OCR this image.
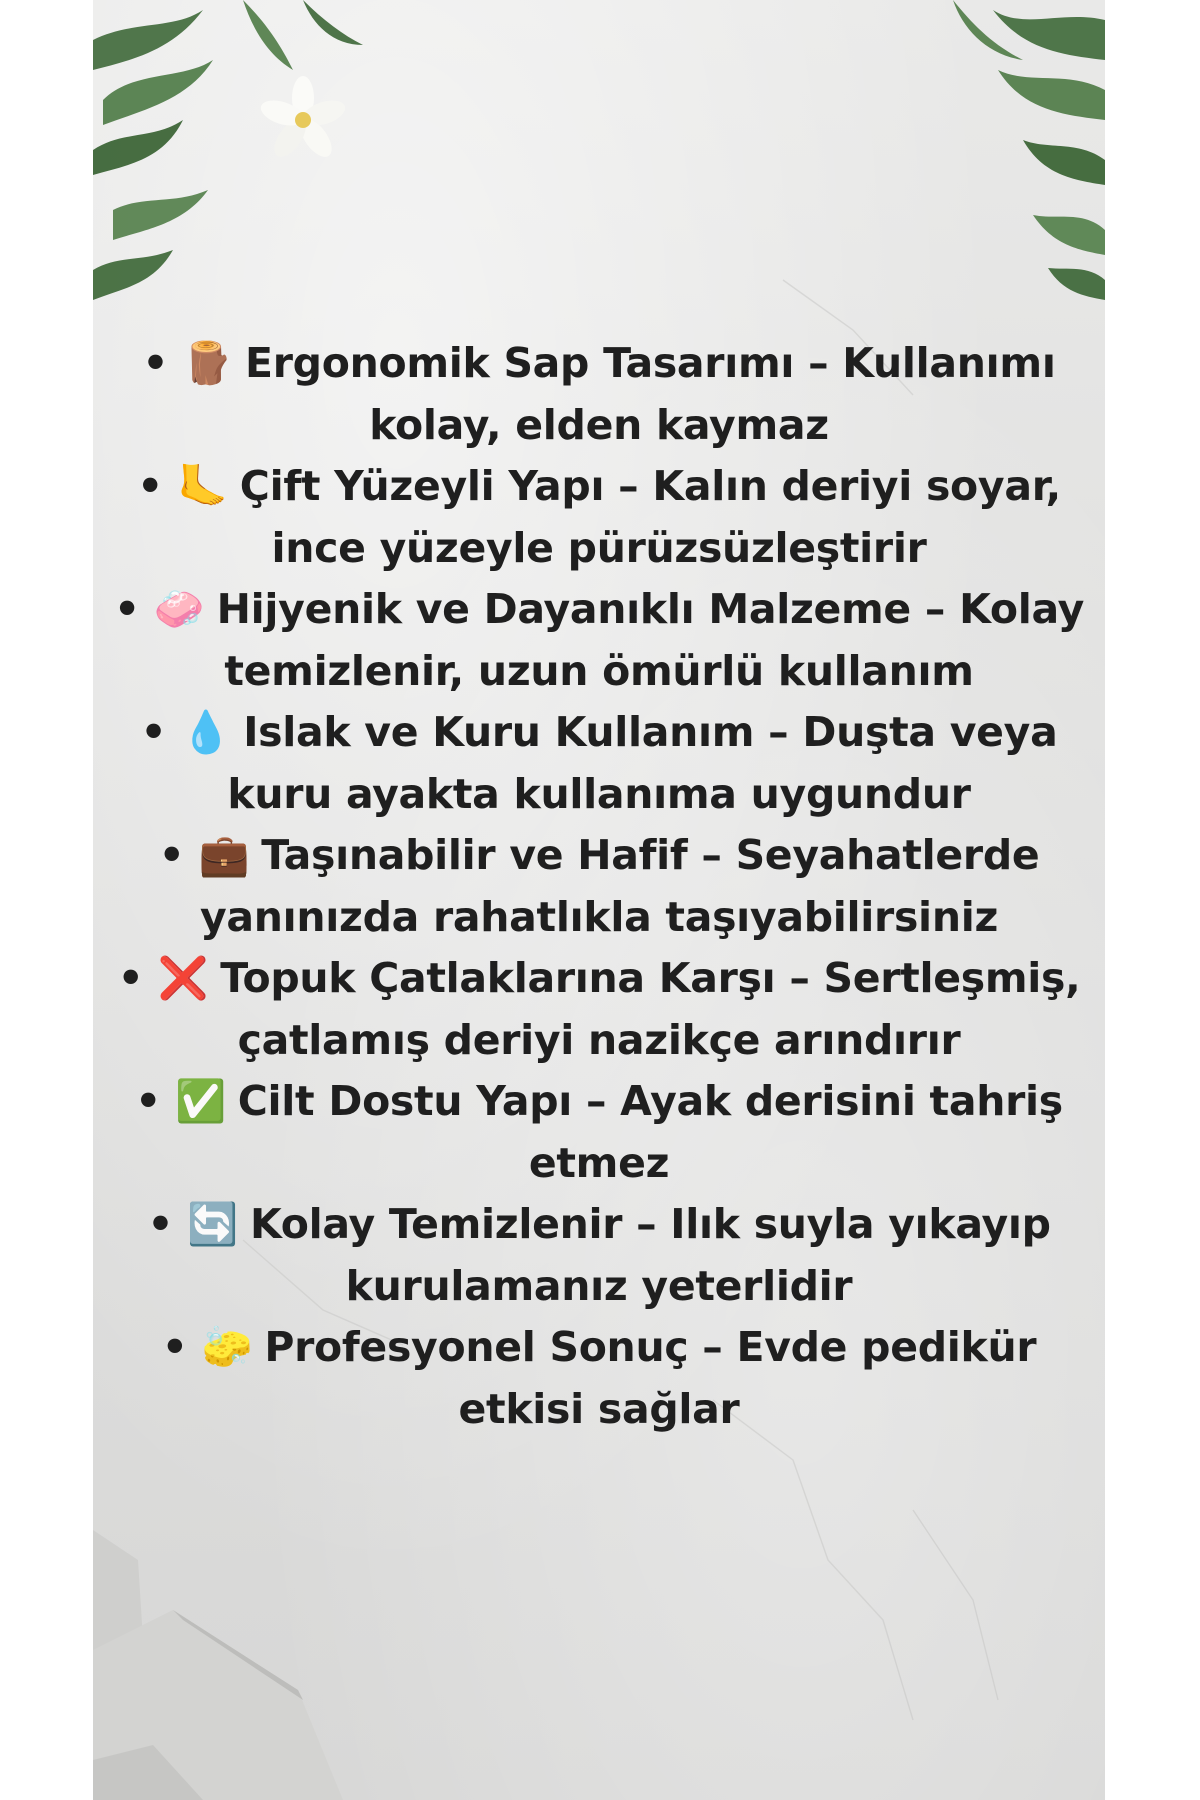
• 🪵 Ergonomik Sap Tasarımı – Kullanımı kolay, elden kaymaz
• 🦶 Çift Yüzeyli Yapı – Kalın deriyi soyar, ince yüzeyle pürüzsüzleştirir
• 🧼 Hijyenik ve Dayanıklı Malzeme – Kolay temizlenir, uzun ömürlü kullanım
• 💧 Islak ve Kuru Kullanım – Duşta veya kuru ayakta kullanıma uygundur
• 💼 Taşınabilir ve Hafif – Seyahatlerde yanınızda rahatlıkla taşıyabilirsiniz
• ❌ Topuk Çatlaklarına Karşı – Sertleşmiş, çatlamış deriyi nazikçe arındırır
• ✅ Cilt Dostu Yapı – Ayak derisini tahriş etmez
• 🔄 Kolay Temizlenir – Ilık suyla yıkayıp kurulamanız yeterlidir
• 🧽 Profesyonel Sonuç – Evde pedikür etkisi sağlar
